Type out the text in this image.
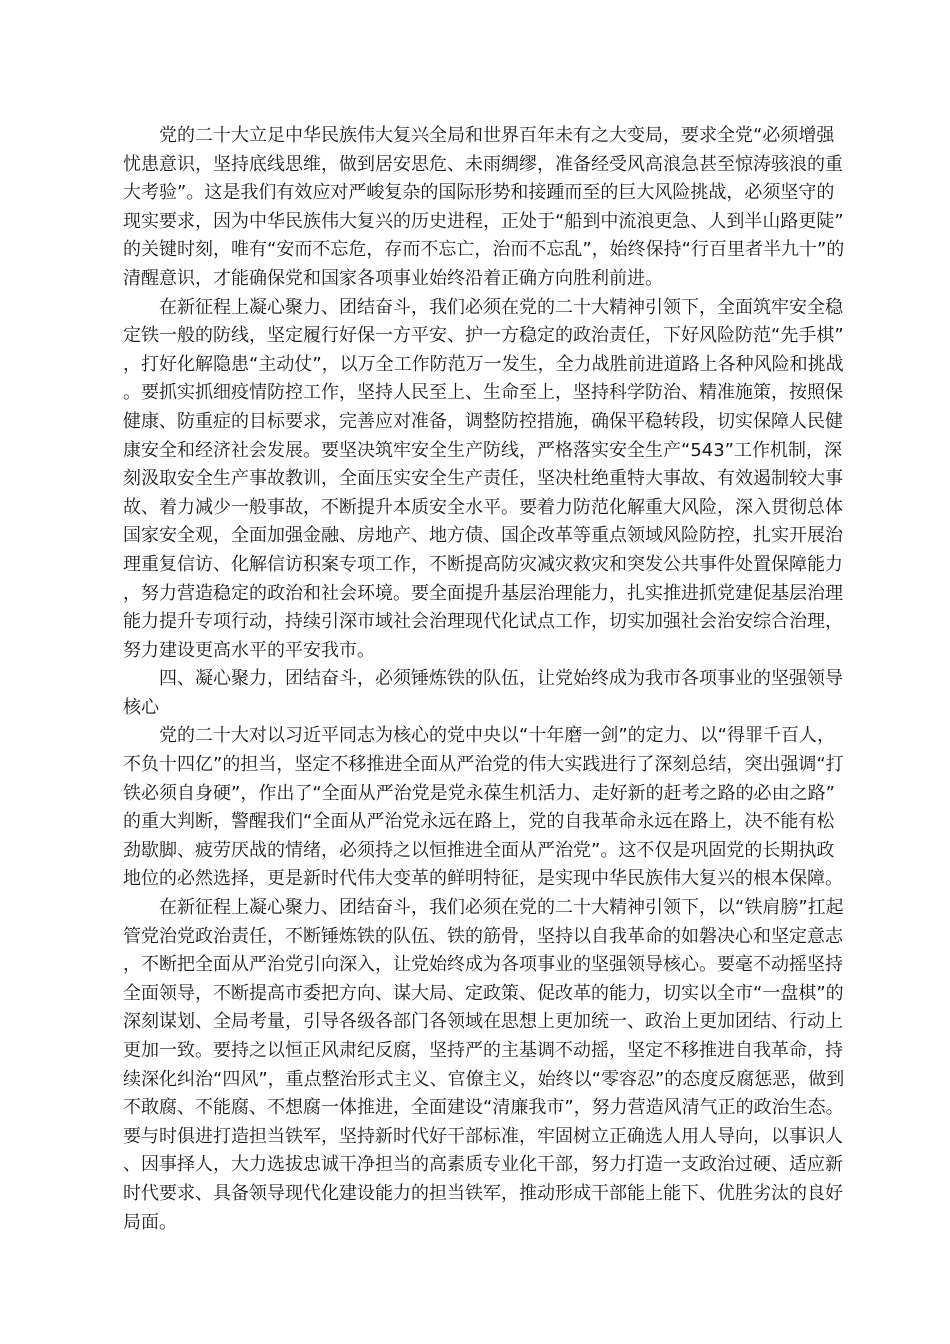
党的二十大立足中华民族伟大复兴全局和世界百年未有之大变局，要求全党“必须增强忧患意识，坚持底线思维，做到居安思危、未雨绸缪，准备经受风高浪急甚至惊涛骇浪的重大考验”。这是我们有效应对严峻复杂的国际形势和接踵而至的巨大风险挑战，必须坚守的现实要求，因为中华民族伟大复兴的历史进程，正处于“船到中流浪更急、人到半山路更陡”的关键时刻，唯有“安而不忘危，存而不忘亡，治而不忘乱”，始终保持“行百里者半九十”的清醒意识，才能确保党和国家各项事业始终沿着正确方向胜利前进。

在新征程上凝心聚力、团结奋斗，我们必须在党的二十大精神引领下，全面筑牢安全稳定铁一般的防线，坚定履行好保一方平安、护一方稳定的政治责任，下好风险防范“先手棋”，打好化解隐患“主动仗”，以万全工作防范万一发生，全力战胜前进道路上各种风险和挑战。要抓实抓细疫情防控工作，坚持人民至上、生命至上，坚持科学防治、精准施策，按照保健康、防重症的目标要求，完善应对准备，调整防控措施，确保平稳转段，切实保障人民健康安全和经济社会发展。要坚决筑牢安全生产防线，严格落实安全生产“543”工作机制，深刻汲取安全生产事故教训，全面压实安全生产责任，坚决杜绝重特大事故、有效遏制较大事故、着力减少一般事故，不断提升本质安全水平。要着力防范化解重大风险，深入贯彻总体国家安全观，全面加强金融、房地产、地方债、国企改革等重点领域风险防控，扎实开展治理重复信访、化解信访积案专项工作，不断提高防灾减灾救灾和突发公共事件处置保障能力，努力营造稳定的政治和社会环境。要全面提升基层治理能力，扎实推进抓党建促基层治理能力提升专项行动，持续引深市域社会治理现代化试点工作，切实加强社会治安综合治理，努力建设更高水平的平安我市。

四、凝心聚力，团结奋斗，必须锤炼铁的队伍，让党始终成为我市各项事业的坚强领导核心

党的二十大对以习近平同志为核心的党中央以“十年磨一剑”的定力、以“得罪千百人，不负十四亿”的担当，坚定不移推进全面从严治党的伟大实践进行了深刻总结，突出强调“打铁必须自身硬”，作出了“全面从严治党是党永葆生机活力、走好新的赶考之路的必由之路”的重大判断，警醒我们“全面从严治党永远在路上，党的自我革命永远在路上，决不能有松劲歇脚、疲劳厌战的情绪，必须持之以恒推进全面从严治党”。这不仅是巩固党的长期执政地位的必然选择，更是新时代伟大变革的鲜明特征，是实现中华民族伟大复兴的根本保障。

在新征程上凝心聚力、团结奋斗，我们必须在党的二十大精神引领下，以“铁肩膀”扛起管党治党政治责任，不断锤炼铁的队伍、铁的筋骨，坚持以自我革命的如磐决心和坚定意志，不断把全面从严治党引向深入，让党始终成为各项事业的坚强领导核心。要毫不动摇坚持全面领导，不断提高市委把方向、谋大局、定政策、促改革的能力，切实以全市“一盘棋”的深刻谋划、全局考量，引导各级各部门各领域在思想上更加统一、政治上更加团结、行动上更加一致。要持之以恒正风肃纪反腐，坚持严的主基调不动摇，坚定不移推进自我革命，持续深化纠治“四风”，重点整治形式主义、官僚主义，始终以“零容忍”的态度反腐惩恶，做到不敢腐、不能腐、不想腐一体推进，全面建设“清廉我市”，努力营造风清气正的政治生态。要与时俱进打造担当铁军，坚持新时代好干部标准，牢固树立正确选人用人导向，以事识人、因事择人，大力选拔忠诚干净担当的高素质专业化干部，努力打造一支政治过硬、适应新时代要求、具备领导现代化建设能力的担当铁军，推动形成干部能上能下、优胜劣汰的良好局面。
